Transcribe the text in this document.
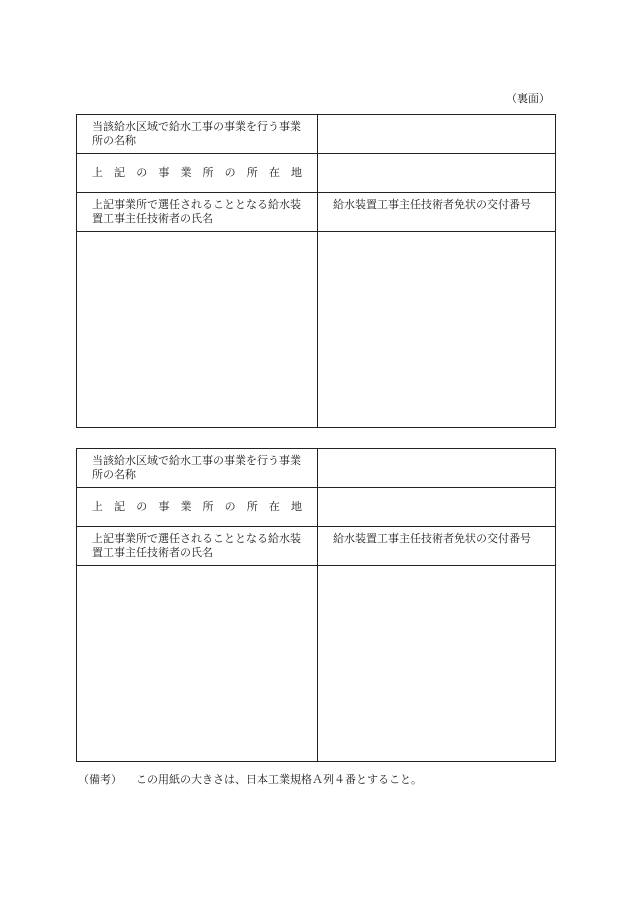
（裏面）
当該給水区域で給水工事の事業を行う事業所の名称
上 記 の 事 業 所 の 所 在 地
上記事業所で選任されることとなる給水装置工事主任技術者の氏名
給水装置工事主任技術者免状の交付番号
当該給水区域で給水工事の事業を行う事業所の名称
上 記 の 事 業 所 の 所 在 地
上記事業所で選任されることとなる給水装置工事主任技術者の氏名
給水装置工事主任技術者免状の交付番号
（備考） この用紙の大きさは、日本工業規格Ａ列４番とすること。
